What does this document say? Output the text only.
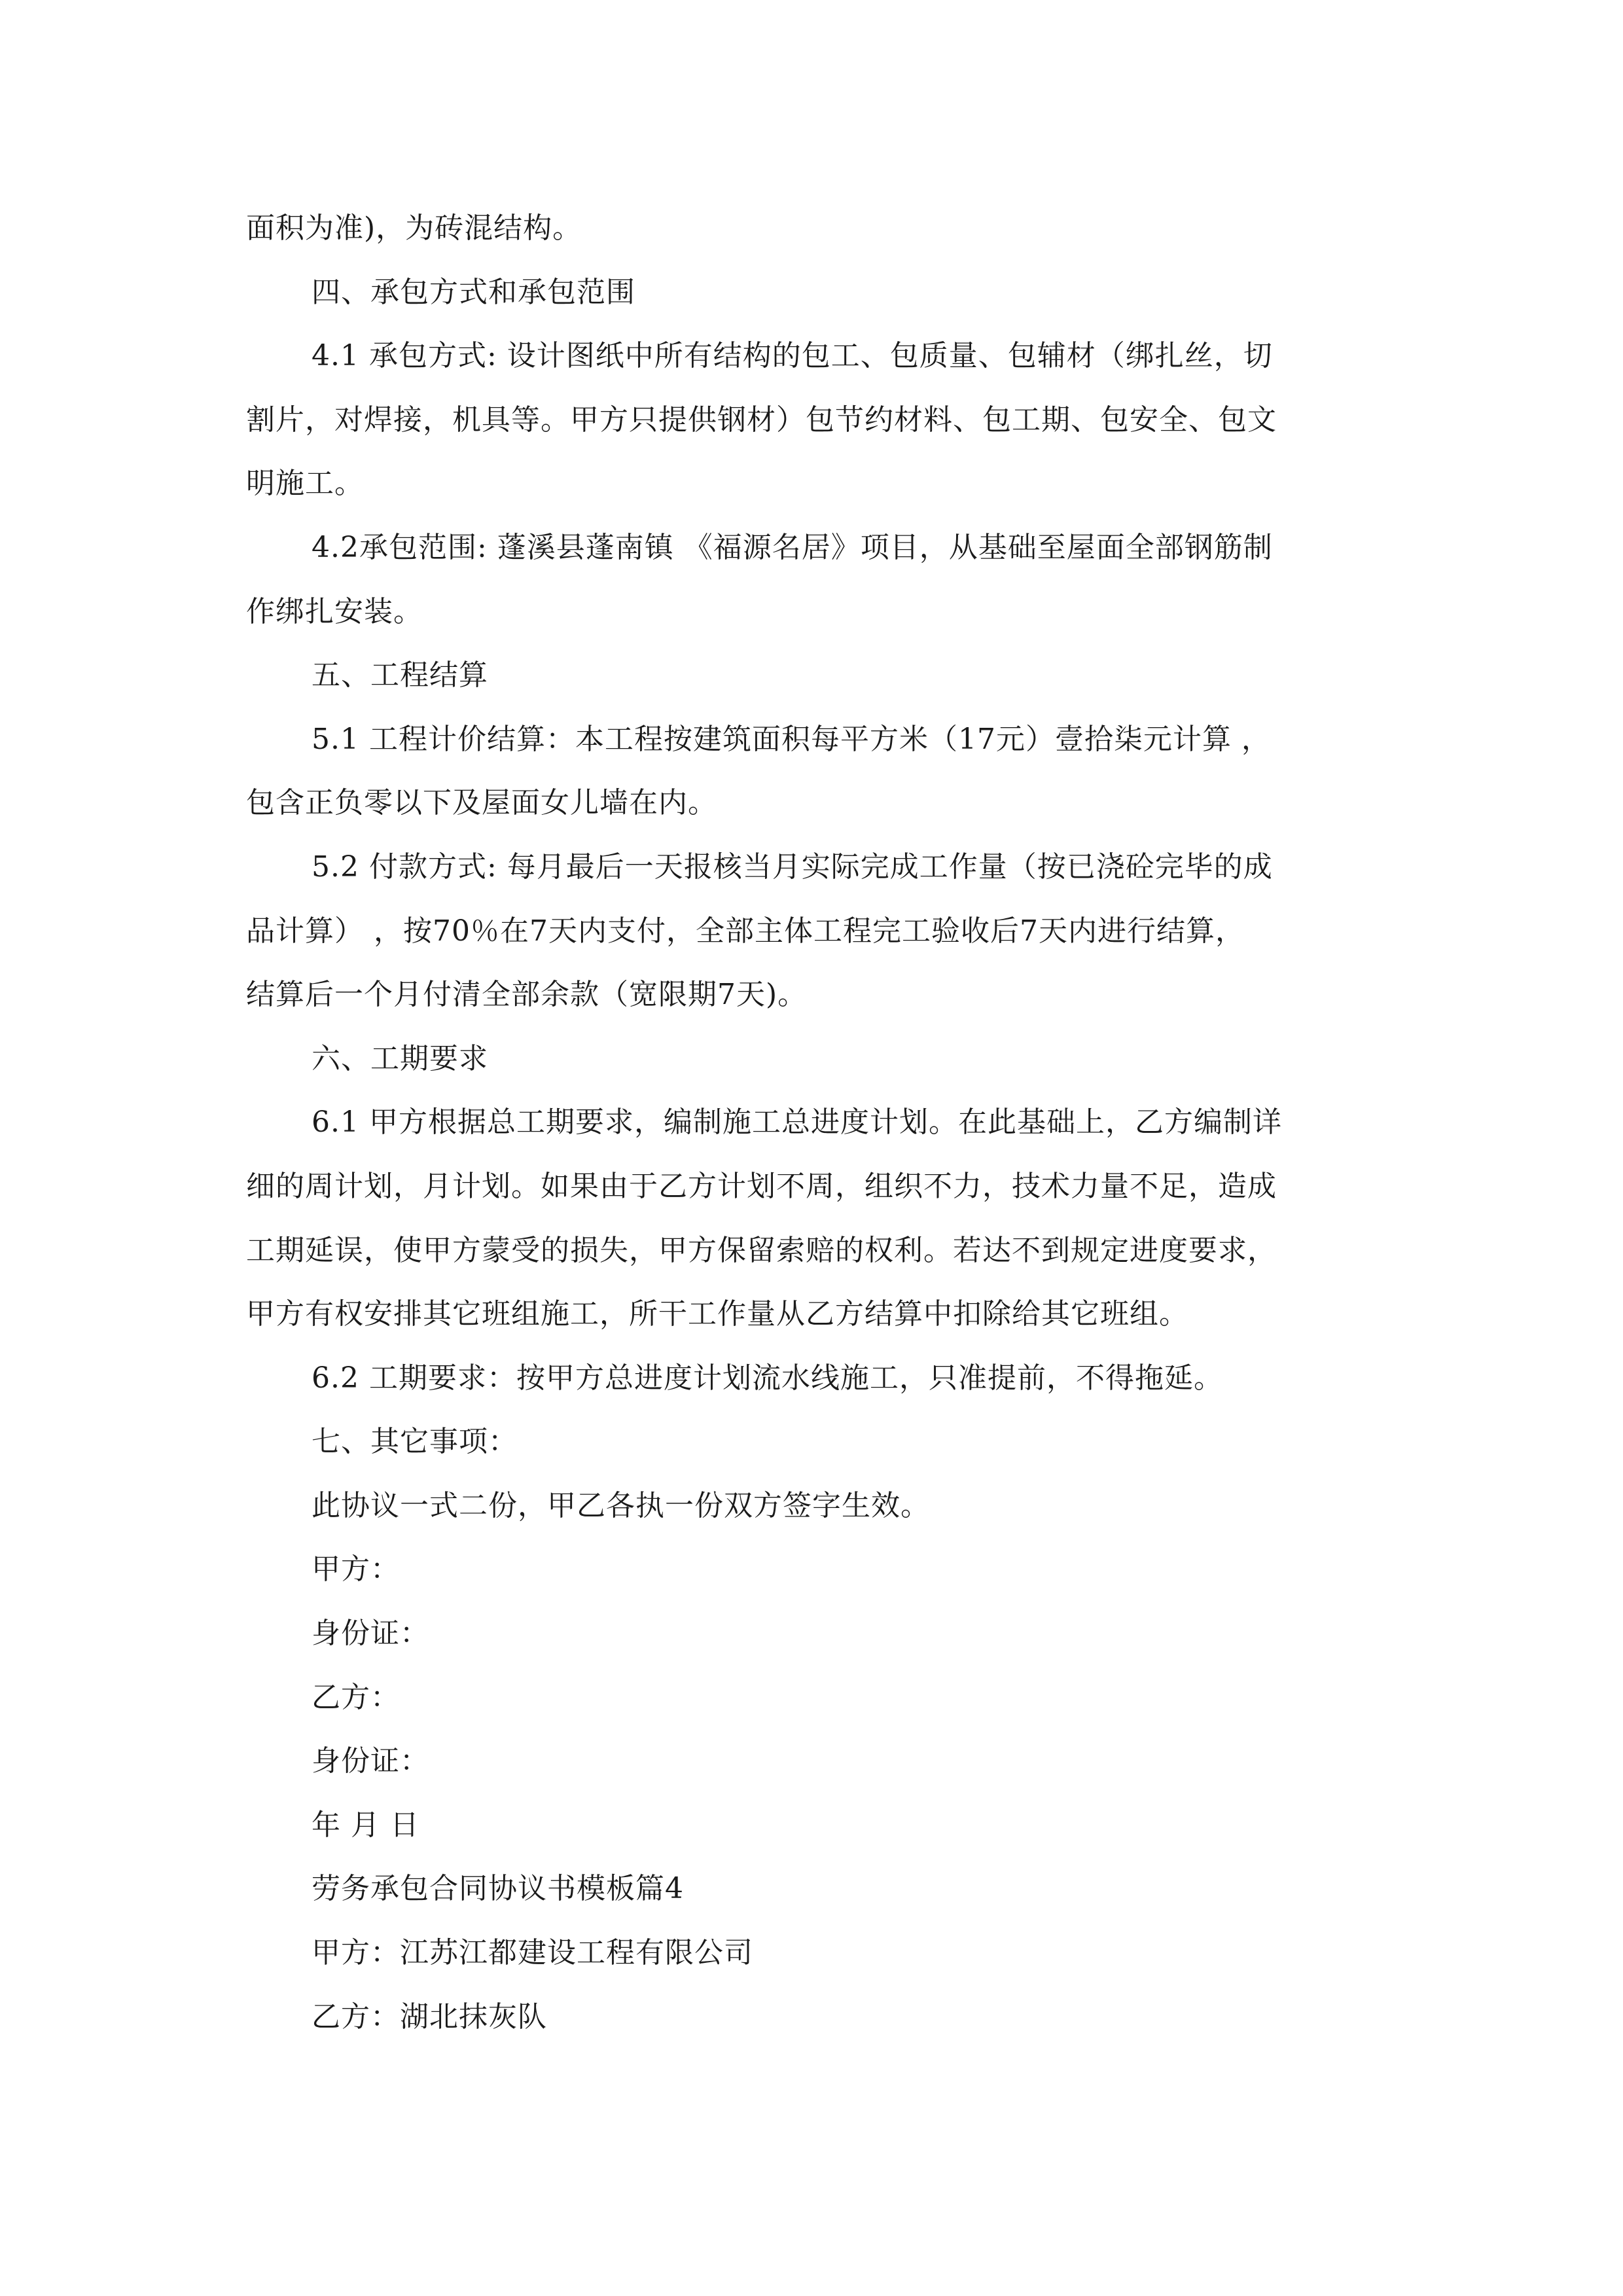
面积为准)，为砖混结构。
四、承包方式和承包范围
4.1 承包方式: 设计图纸中所有结构的包工、包质量、包辅材（绑扎丝，切
割片，对焊接，机具等。甲方只提供钢材）包节约材料、包工期、包安全、包文
明施工。
4.2承包范围: 蓬溪县蓬南镇 《福源名居》项目，从基础至屋面全部钢筋制
作绑扎安装。
五、工程结算
5.1 工程计价结算：本工程按建筑面积每平方米（17元）壹拾柒元计算 ，
包含正负零以下及屋面女儿墙在内。
5.2 付款方式: 每月最后一天报核当月实际完成工作量（按已浇砼完毕的成
品计算） ，按70％在7天内支付，全部主体工程完工验收后7天内进行结算，
结算后一个月付清全部余款（宽限期7天)。
六、工期要求
6.1 甲方根据总工期要求，编制施工总进度计划。在此基础上，乙方编制详
细的周计划，月计划。如果由于乙方计划不周，组织不力，技术力量不足，造成
工期延误，使甲方蒙受的损失，甲方保留索赔的权利。若达不到规定进度要求，
甲方有权安排其它班组施工，所干工作量从乙方结算中扣除给其它班组。
6.2 工期要求：按甲方总进度计划流水线施工，只准提前，不得拖延。
七、其它事项：
此协议一式二份，甲乙各执一份双方签字生效。
甲方：
身份证：
乙方：
身份证：
年 月 日
劳务承包合同协议书模板篇4
甲方：江苏江都建设工程有限公司
乙方：湖北抹灰队
